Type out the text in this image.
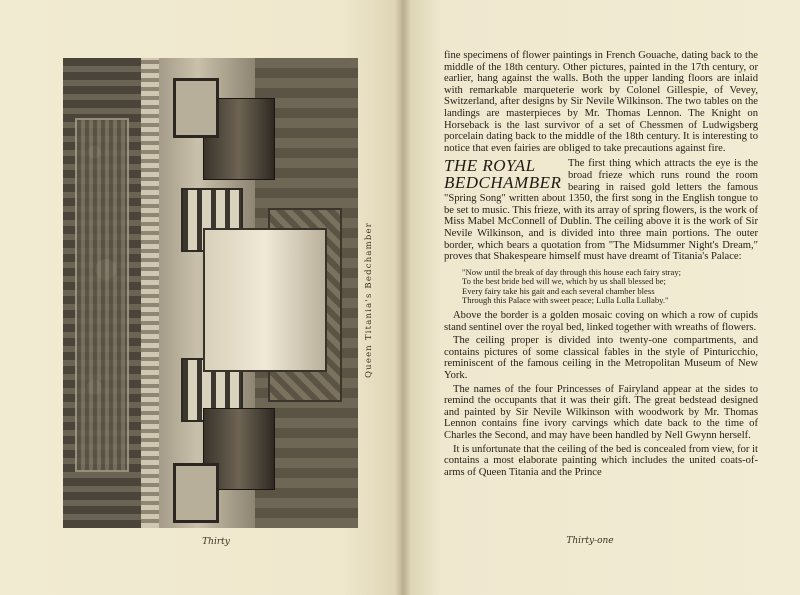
Queen Titania's Bedchamber
Thirty

fine specimens of flower paintings in French Gouache, dating back to the middle of the 18th century. Other pictures, painted in the 17th century, or earlier, hang against the walls. Both the upper landing floors are inlaid with remarkable marqueterie work by Colonel Gillespie, of Vevey, Switzerland, after designs by Sir Nevile Wilkinson. The two tables on the landings are masterpieces by Mr. Thomas Lennon. The Knight on Horseback is the last survivor of a set of Chessmen of Ludwigsberg porcelain dating back to the middle of the 18th century. It is interesting to notice that even fairies are obliged to take precautions against fire.

THE ROYAL
BEDCHAMBER

The first thing which attracts the eye is the broad frieze which runs round the room bearing in raised gold letters the famous "Spring Song" written about 1350, the first song in the English tongue to be set to music. This frieze, with its array of spring flowers, is the work of Miss Mabel McConnell of Dublin. The ceiling above it is the work of Sir Nevile Wilkinson, and is divided into three main portions. The outer border, which bears a quotation from "The Midsummer Night's Dream," proves that Shakespeare himself must have dreamt of Titania's Palace:

"Now until the break of day through this house each fairy stray;
To the best bride bed will we, which by us shall blessed be;
Every fairy take his gait and each several chamber bless
Through this Palace with sweet peace; Lulla Lulla Lullaby."

Above the border is a golden mosaic coving on which a row of cupids stand sentinel over the royal bed, linked together with wreaths of flowers.

The ceiling proper is divided into twenty-one compartments, and contains pictures of some classical fables in the style of Pinturicchio, reminiscent of the famous ceiling in the Metropolitan Museum of New York.

The names of the four Princesses of Fairyland appear at the sides to remind the occupants that it was their gift. The great bedstead designed and painted by Sir Nevile Wilkinson with woodwork by Mr. Thomas Lennon contains fine ivory carvings which date back to the time of Charles the Second, and may have been handled by Nell Gwynn herself.

It is unfortunate that the ceiling of the bed is concealed from view, for it contains a most elaborate painting which includes the united coats-of-arms of Queen Titania and the Prince

Thirty-one
